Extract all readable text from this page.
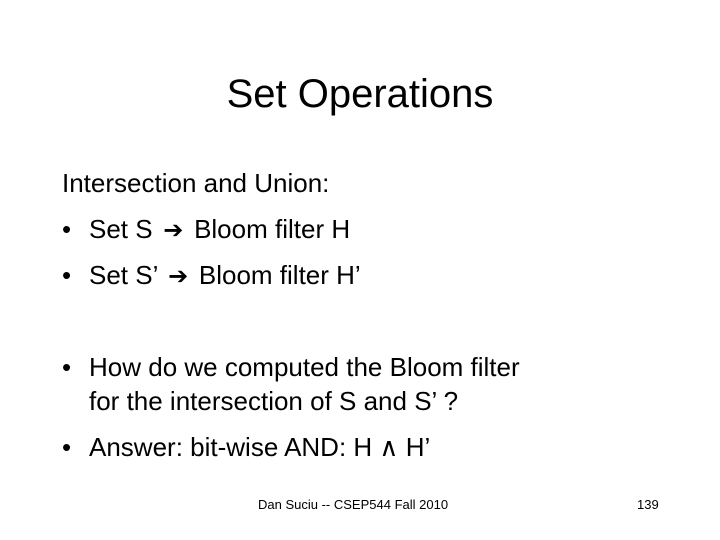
Set Operations
Intersection and Union:
• Set S ➔ Bloom filter H
• Set S’ ➔ Bloom filter H’
• How do we computed the Bloom filter
for the intersection of S and S’ ?
• Answer: bit-wise AND: H ∧ H’
Dan Suciu -- CSEP544 Fall 2010	139
